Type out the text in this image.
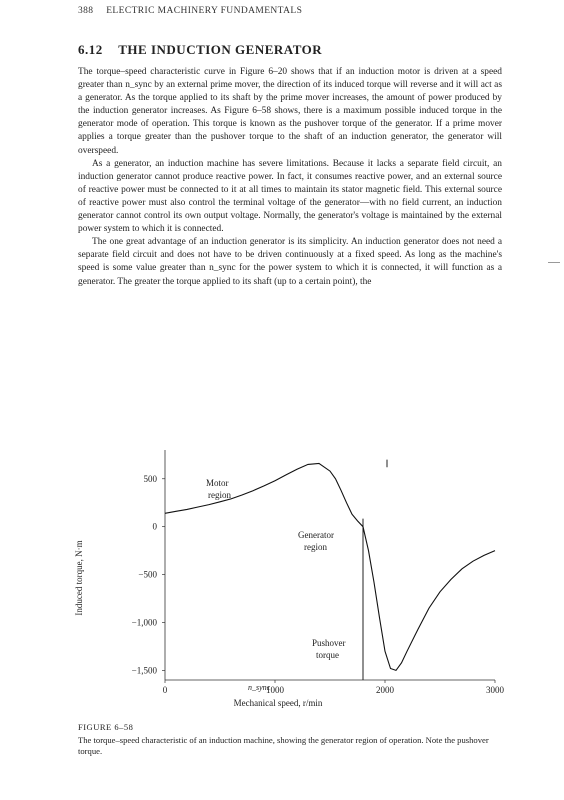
388 ELECTRIC MACHINERY FUNDAMENTALS
6.12 THE INDUCTION GENERATOR

The torque–speed characteristic curve in Figure 6–20 shows that if an induction motor is driven at a speed greater than n_sync by an external prime mover, the direction of its induced torque will reverse and it will act as a generator. As the torque applied to its shaft by the prime mover increases, the amount of power produced by the induction generator increases. As Figure 6–58 shows, there is a maximum possible induced torque in the generator mode of operation. This torque is known as the pushover torque of the generator. If a prime mover applies a torque greater than the pushover torque to the shaft of an induction generator, the generator will overspeed.

As a generator, an induction machine has severe limitations. Because it lacks a separate field circuit, an induction generator cannot produce reactive power. In fact, it consumes reactive power, and an external source of reactive power must be connected to it at all times to maintain its stator magnetic field. This external source of reactive power must also control the terminal voltage of the generator—with no field current, an induction generator cannot control its own output voltage. Normally, the generator's voltage is maintained by the external power system to which it is connected.

The one great advantage of an induction generator is its simplicity. An induction generator does not need a separate field circuit and does not have to be driven continuously at a fixed speed. As long as the machine's speed is some value greater than n_sync for the power system to which it is connected, it will function as a generator. The greater the torque applied to its shaft (up to a certain point), the

0	1000	2000	3000
500
0
−500
−1,000
−1,500
Motor
region
Generator
region
Pushover
torque
n_sync
Mechanical speed, r/min
Induced torque, N·m

FIGURE 6–58

The torque–speed characteristic of an induction machine, showing the generator region of operation. Note the pushover torque.
